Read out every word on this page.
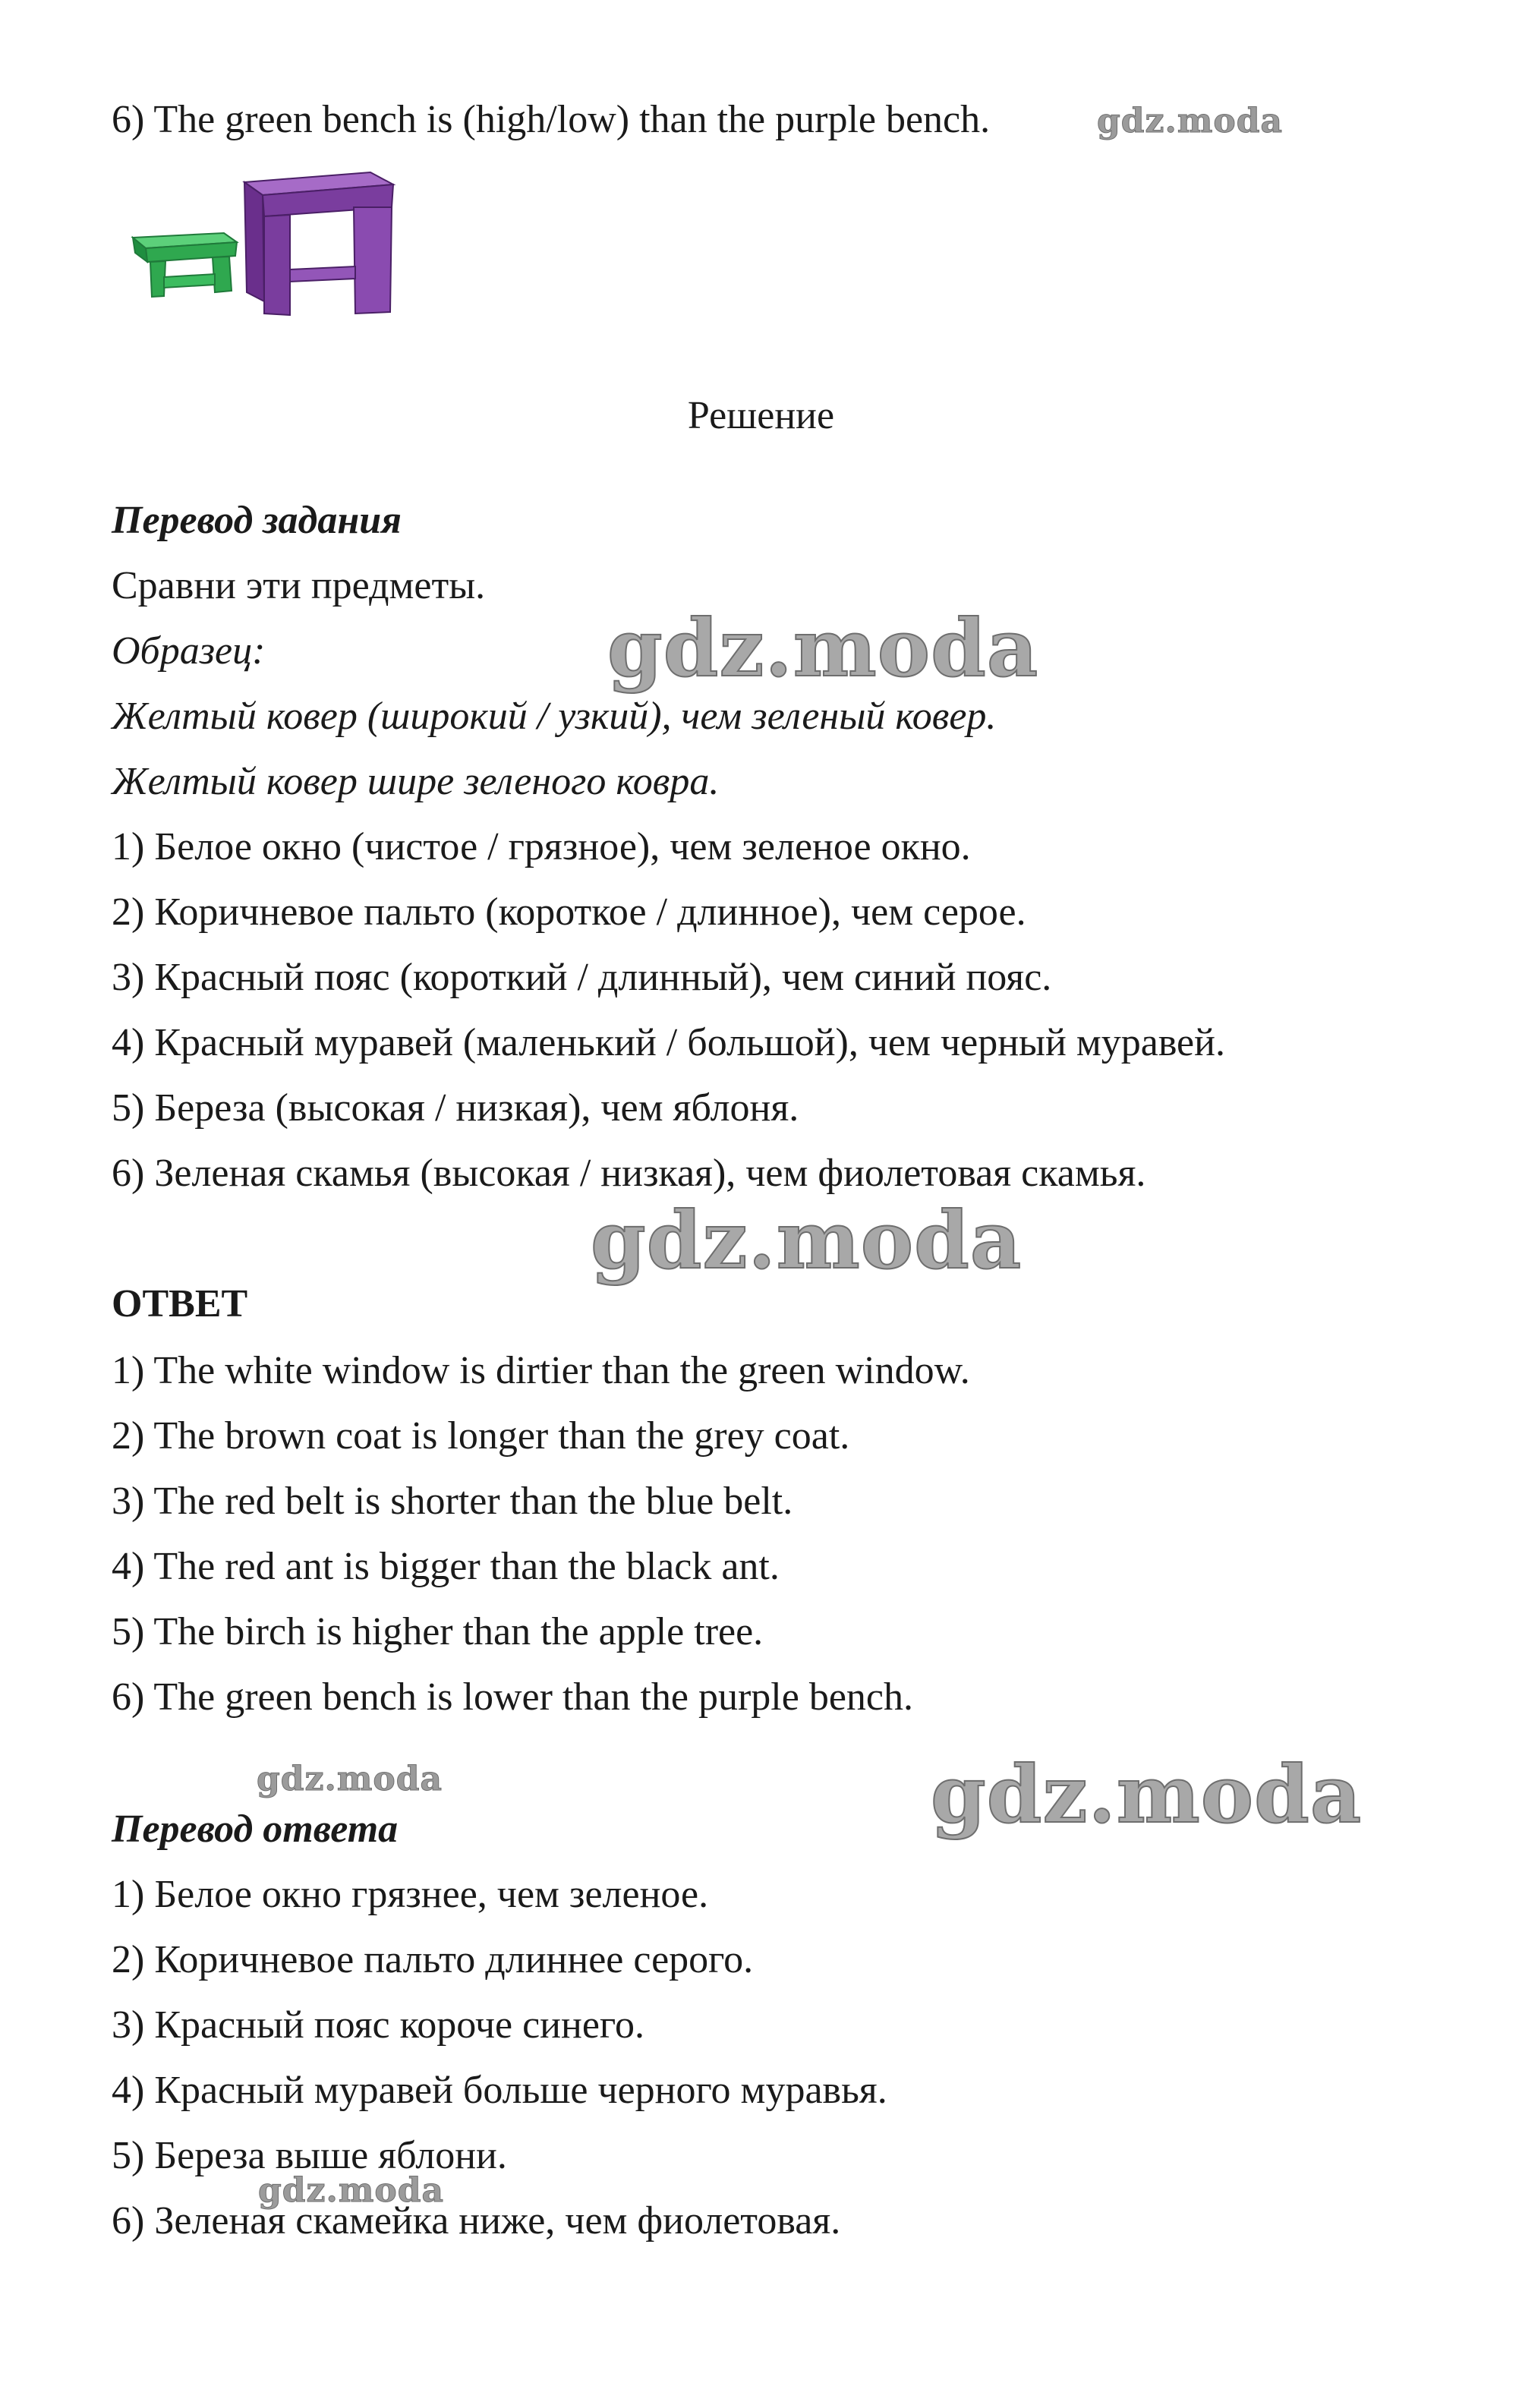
6) The green bench is (high/low) than the purple bench.	gdz.moda
Решение
Перевод задания
Сравни эти предметы.
Образец:	gdz.moda
Желтый ковер (широкий / узкий), чем зеленый ковер.
Желтый ковер шире зеленого ковра.
1) Белое окно (чистое / грязное), чем зеленое окно.
2) Коричневое пальто (короткое / длинное), чем серое.
3) Красный пояс (короткий / длинный), чем синий пояс.
4) Красный муравей (маленький / большой), чем черный муравей.
5) Береза (высокая / низкая), чем яблоня.
6) Зеленая скамья (высокая / низкая), чем фиолетовая скамья.
gdz.moda
ОТВЕТ
1) The white window is dirtier than the green window.
2) The brown coat is longer than the grey coat.
3) The red belt is shorter than the blue belt.
4) The red ant is bigger than the black ant.
5) The birch is higher than the apple tree.
6) The green bench is lower than the purple bench.
gdz.moda	gdz.moda
Перевод ответа
1) Белое окно грязнее, чем зеленое.
2) Коричневое пальто длиннее серого.
3) Красный пояс короче синего.
4) Красный муравей больше черного муравья.
5) Береза выше яблони.
gdz.moda
6) Зеленая скамейка ниже, чем фиолетовая.
